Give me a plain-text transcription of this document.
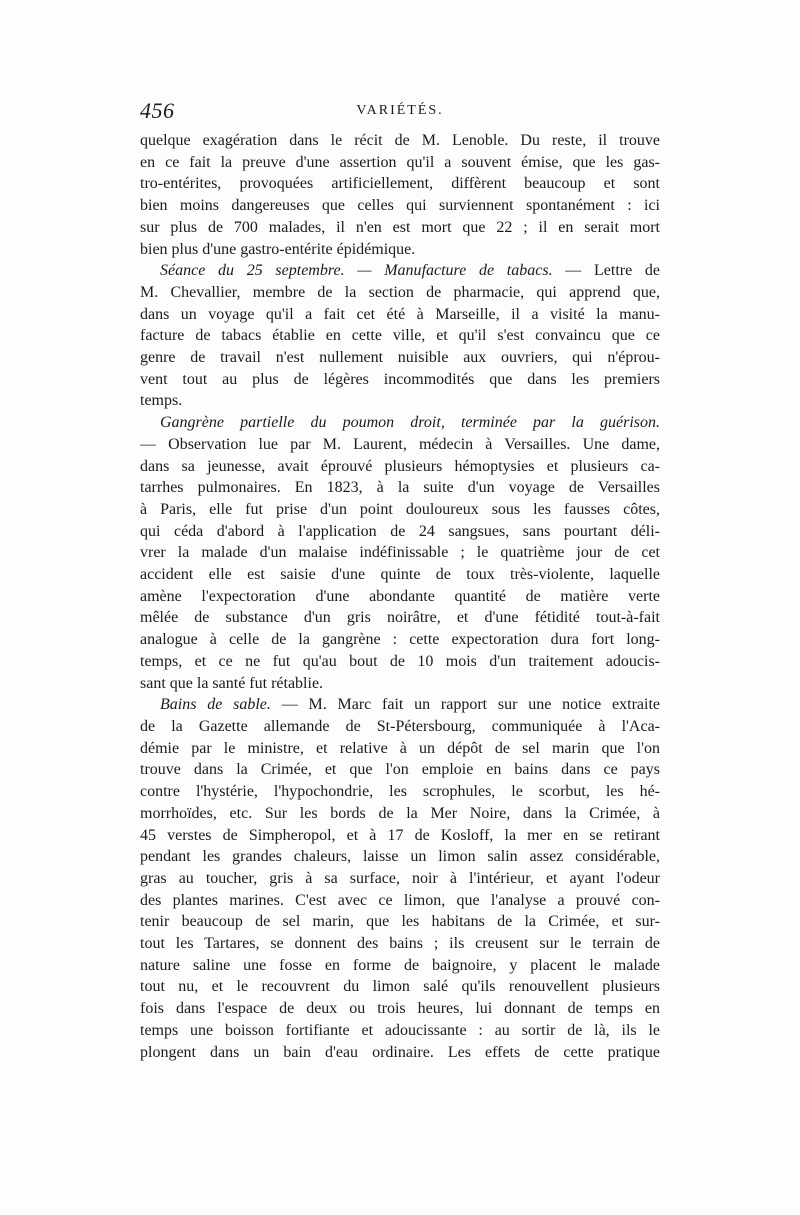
456	VARIÉTÉS.
quelque exagération dans le récit de M. Lenoble. Du reste, il trouve
en ce fait la preuve d'une assertion qu'il a souvent émise, que les gas-
tro-entérites, provoquées artificiellement, diffèrent beaucoup et sont
bien moins dangereuses que celles qui surviennent spontanément : ici
sur plus de 700 malades, il n'en est mort que 22 ; il en serait mort
bien plus d'une gastro-entérite épidémique.
Séance du 25 septembre. — Manufacture de tabacs. — Lettre de
M. Chevallier, membre de la section de pharmacie, qui apprend que,
dans un voyage qu'il a fait cet été à Marseille, il a visité la manu-
facture de tabacs établie en cette ville, et qu'il s'est convaincu que ce
genre de travail n'est nullement nuisible aux ouvriers, qui n'éprou-
vent tout au plus de légères incommodités que dans les premiers
temps.
Gangrène partielle du poumon droit, terminée par la guérison.
— Observation lue par M. Laurent, médecin à Versailles. Une dame,
dans sa jeunesse, avait éprouvé plusieurs hémoptysies et plusieurs ca-
tarrhes pulmonaires. En 1823, à la suite d'un voyage de Versailles
à Paris, elle fut prise d'un point douloureux sous les fausses côtes,
qui céda d'abord à l'application de 24 sangsues, sans pourtant déli-
vrer la malade d'un malaise indéfinissable ; le quatrième jour de cet
accident elle est saisie d'une quinte de toux très-violente, laquelle
amène l'expectoration d'une abondante quantité de matière verte
mêlée de substance d'un gris noirâtre, et d'une fétidité tout-à-fait
analogue à celle de la gangrène : cette expectoration dura fort long-
temps, et ce ne fut qu'au bout de 10 mois d'un traitement adoucis-
sant que la santé fut rétablie.
Bains de sable. — M. Marc fait un rapport sur une notice extraite
de la Gazette allemande de St-Pétersbourg, communiquée à l'Aca-
démie par le ministre, et relative à un dépôt de sel marin que l'on
trouve dans la Crimée, et que l'on emploie en bains dans ce pays
contre l'hystérie, l'hypochondrie, les scrophules, le scorbut, les hé-
morrhoïdes, etc. Sur les bords de la Mer Noire, dans la Crimée, à
45 verstes de Simpheropol, et à 17 de Kosloff, la mer en se retirant
pendant les grandes chaleurs, laisse un limon salin assez considérable,
gras au toucher, gris à sa surface, noir à l'intérieur, et ayant l'odeur
des plantes marines. C'est avec ce limon, que l'analyse a prouvé con-
tenir beaucoup de sel marin, que les habitans de la Crimée, et sur-
tout les Tartares, se donnent des bains ; ils creusent sur le terrain de
nature saline une fosse en forme de baignoire, y placent le malade
tout nu, et le recouvrent du limon salé qu'ils renouvellent plusieurs
fois dans l'espace de deux ou trois heures, lui donnant de temps en
temps une boisson fortifiante et adoucissante : au sortir de là, ils le
plongent dans un bain d'eau ordinaire. Les effets de cette pratique
